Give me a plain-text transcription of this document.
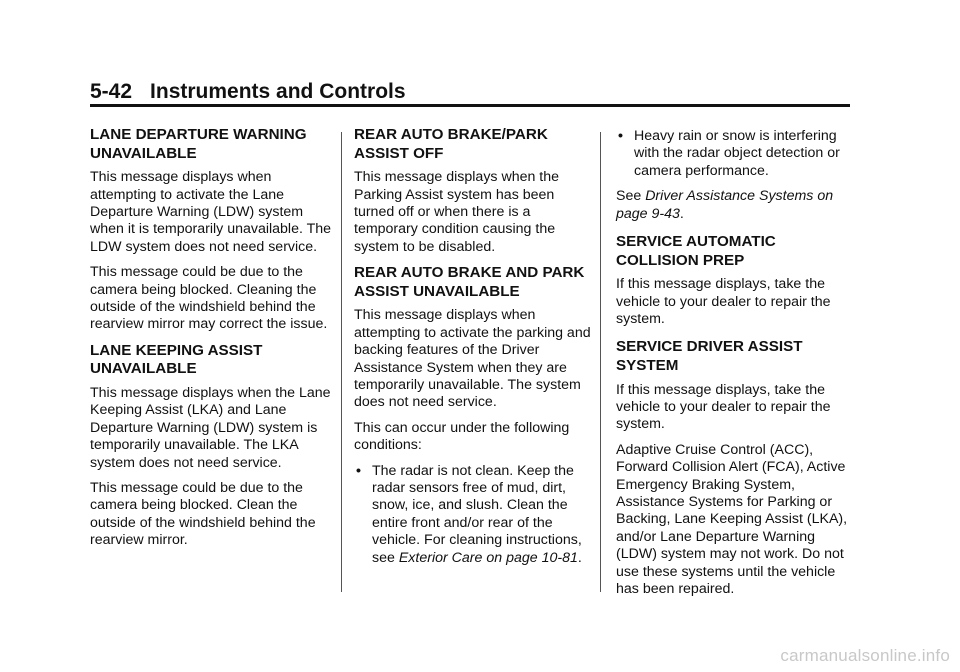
5-42 Instruments and Controls
LANE DEPARTURE WARNING UNAVAILABLE

This message displays when attempting to activate the Lane Departure Warning (LDW) system when it is temporarily unavailable. The LDW system does not need service.

This message could be due to the camera being blocked. Cleaning the outside of the windshield behind the rearview mirror may correct the issue.

LANE KEEPING ASSIST UNAVAILABLE

This message displays when the Lane Keeping Assist (LKA) and Lane Departure Warning (LDW) system is temporarily unavailable. The LKA system does not need service.

This message could be due to the camera being blocked. Clean the outside of the windshield behind the rearview mirror.

REAR AUTO BRAKE/PARK ASSIST OFF

This message displays when the Parking Assist system has been turned off or when there is a temporary condition causing the system to be disabled.

REAR AUTO BRAKE AND PARK ASSIST UNAVAILABLE

This message displays when attempting to activate the parking and backing features of the Driver Assistance System when they are temporarily unavailable. The system does not need service.

This can occur under the following conditions:

• The radar is not clean. Keep the radar sensors free of mud, dirt, snow, ice, and slush. Clean the entire front and/or rear of the vehicle. For cleaning instructions, see Exterior Care on page 10-81.
• Heavy rain or snow is interfering with the radar object detection or camera performance.

See Driver Assistance Systems on page 9-43.

SERVICE AUTOMATIC COLLISION PREP

If this message displays, take the vehicle to your dealer to repair the system.

SERVICE DRIVER ASSIST SYSTEM

If this message displays, take the vehicle to your dealer to repair the system.

Adaptive Cruise Control (ACC), Forward Collision Alert (FCA), Active Emergency Braking System, Assistance Systems for Parking or Backing, Lane Keeping Assist (LKA), and/or Lane Departure Warning (LDW) system may not work. Do not use these systems until the vehicle has been repaired.

carmanualsonline.info
